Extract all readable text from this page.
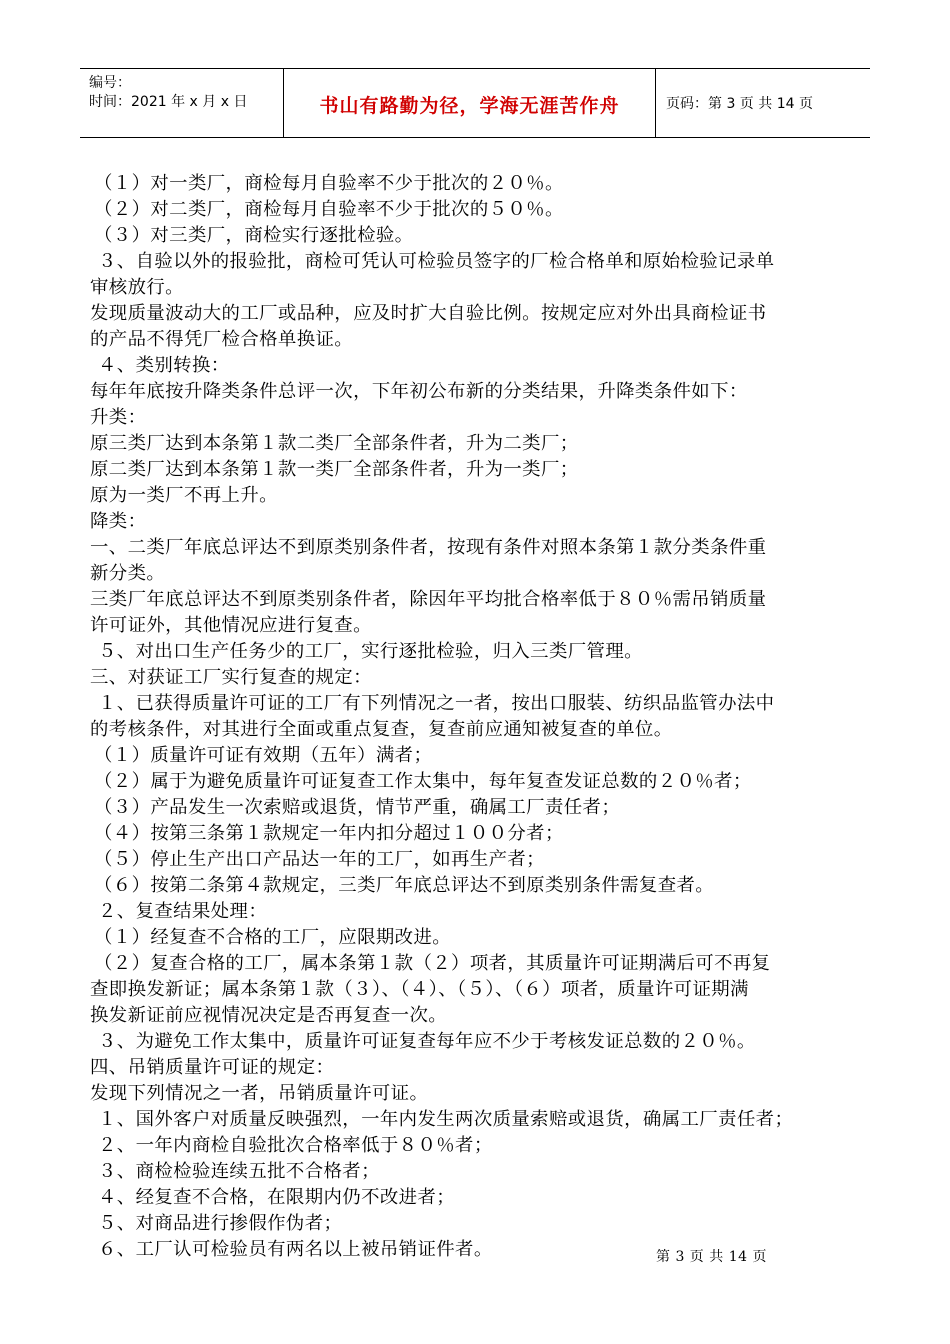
编号：
时间：2021 年 x 月 x 日	书山有路勤为径，学海无涯苦作舟	页码：第 3 页 共 14 页
（１）对一类厂，商检每月自验率不少于批次的２０％。
（２）对二类厂，商检每月自验率不少于批次的５０％。
（３）对三类厂，商检实行逐批检验。
３、自验以外的报验批，商检可凭认可检验员签字的厂检合格单和原始检验记录单
审核放行。
发现质量波动大的工厂或品种，应及时扩大自验比例。按规定应对外出具商检证书
的产品不得凭厂检合格单换证。
４、类别转换：
每年年底按升降类条件总评一次，下年初公布新的分类结果，升降类条件如下：
升类：
原三类厂达到本条第１款二类厂全部条件者，升为二类厂；
原二类厂达到本条第１款一类厂全部条件者，升为一类厂；
原为一类厂不再上升。
降类：
一、二类厂年底总评达不到原类别条件者，按现有条件对照本条第１款分类条件重
新分类。
三类厂年底总评达不到原类别条件者，除因年平均批合格率低于８０％需吊销质量
许可证外，其他情况应进行复查。
５、对出口生产任务少的工厂，实行逐批检验，归入三类厂管理。
三、对获证工厂实行复查的规定：
１、已获得质量许可证的工厂有下列情况之一者，按出口服装、纺织品监管办法中
的考核条件，对其进行全面或重点复查，复查前应通知被复查的单位。
（１）质量许可证有效期（五年）满者；
（２）属于为避免质量许可证复查工作太集中，每年复查发证总数的２０％者；
（３）产品发生一次索赔或退货，情节严重，确属工厂责任者；
（４）按第三条第１款规定一年内扣分超过１００分者；
（５）停止生产出口产品达一年的工厂，如再生产者；
（６）按第二条第４款规定，三类厂年底总评达不到原类别条件需复查者。
２、复查结果处理：
（１）经复查不合格的工厂，应限期改进。
（２）复查合格的工厂，属本条第１款（２）项者，其质量许可证期满后可不再复
查即换发新证；属本条第１款（３）、（４）、（５）、（６）项者，质量许可证期满
换发新证前应视情况决定是否再复查一次。
３、为避免工作太集中，质量许可证复查每年应不少于考核发证总数的２０％。
四、吊销质量许可证的规定：
发现下列情况之一者，吊销质量许可证。
１、国外客户对质量反映强烈，一年内发生两次质量索赔或退货，确属工厂责任者；
２、一年内商检自验批次合格率低于８０％者；
３、商检检验连续五批不合格者；
４、经复查不合格，在限期内仍不改进者；
５、对商品进行掺假作伪者；
６、工厂认可检验员有两名以上被吊销证件者。	第 3 页 共 14 页
